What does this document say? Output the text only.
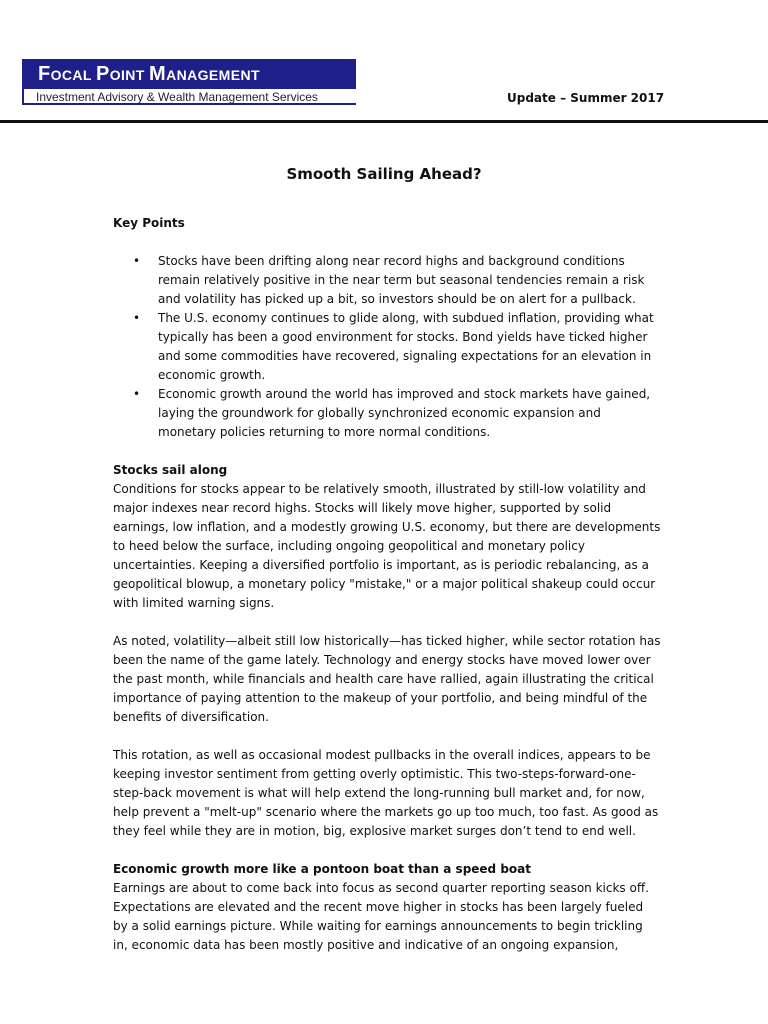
FOCAL POINT MANAGEMENT
Investment Advisory & Wealth Management Services	Update – Summer 2017
Smooth Sailing Ahead?
Key Points
• Stocks have been drifting along near record highs and background conditions remain relatively positive in the near term but seasonal tendencies remain a risk and volatility has picked up a bit, so investors should be on alert for a pullback.
• The U.S. economy continues to glide along, with subdued inflation, providing what typically has been a good environment for stocks. Bond yields have ticked higher and some commodities have recovered, signaling expectations for an elevation in economic growth.
• Economic growth around the world has improved and stock markets have gained, laying the groundwork for globally synchronized economic expansion and monetary policies returning to more normal conditions.
Stocks sail along

Conditions for stocks appear to be relatively smooth, illustrated by still-low volatility and major indexes near record highs. Stocks will likely move higher, supported by solid earnings, low inflation, and a modestly growing U.S. economy, but there are developments to heed below the surface, including ongoing geopolitical and monetary policy uncertainties. Keeping a diversified portfolio is important, as is periodic rebalancing, as a geopolitical blowup, a monetary policy "mistake," or a major political shakeup could occur with limited warning signs.

As noted, volatility—albeit still low historically—has ticked higher, while sector rotation has been the name of the game lately. Technology and energy stocks have moved lower over the past month, while financials and health care have rallied, again illustrating the critical importance of paying attention to the makeup of your portfolio, and being mindful of the benefits of diversification.

This rotation, as well as occasional modest pullbacks in the overall indices, appears to be keeping investor sentiment from getting overly optimistic. This two-steps-forward-one-step-back movement is what will help extend the long-running bull market and, for now, help prevent a "melt-up" scenario where the markets go up too much, too fast. As good as they feel while they are in motion, big, explosive market surges don’t tend to end well.

Economic growth more like a pontoon boat than a speed boat

Earnings are about to come back into focus as second quarter reporting season kicks off. Expectations are elevated and the recent move higher in stocks has been largely fueled by a solid earnings picture. While waiting for earnings announcements to begin trickling in, economic data has been mostly positive and indicative of an ongoing expansion,
